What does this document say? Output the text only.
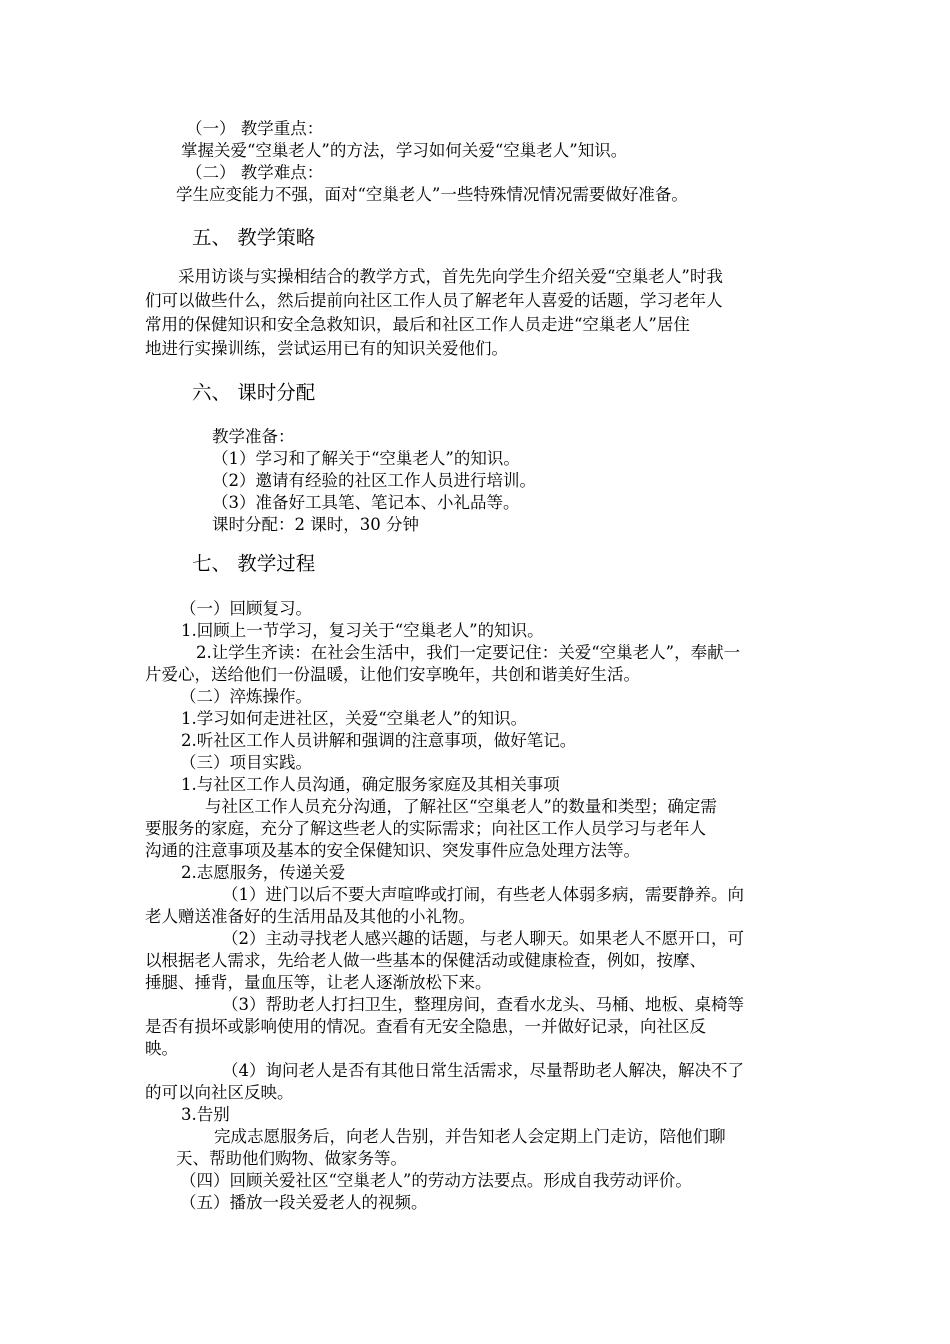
（一） 教学重点：
掌握关爱“空巢老人”的方法，学习如何关爱“空巢老人”知识。
（二） 教学难点：
学生应变能力不强，面对“空巢老人”一些特殊情况情况需要做好准备。
五、 教学策略
采用访谈与实操相结合的教学方式，首先先向学生介绍关爱“空巢老人”时我
们可以做些什么，然后提前向社区工作人员了解老年人喜爱的话题，学习老年人
常用的保健知识和安全急救知识，最后和社区工作人员走进“空巢老人”居住
地进行实操训练，尝试运用已有的知识关爱他们。
六、 课时分配
教学准备：
（1）学习和了解关于“空巢老人”的知识。
（2）邀请有经验的社区工作人员进行培训。
（3）准备好工具笔、笔记本、小礼品等。
课时分配：2 课时，30 分钟
七、 教学过程
（一）回顾复习。
1.回顾上一节学习，复习关于“空巢老人”的知识。
2.让学生齐读：在社会生活中，我们一定要记住：关爱“空巢老人”，奉献一
片爱心，送给他们一份温暖，让他们安享晚年，共创和谐美好生活。
（二）淬炼操作。
1.学习如何走进社区，关爱“空巢老人”的知识。
2.听社区工作人员讲解和强调的注意事项，做好笔记。
（三）项目实践。
1.与社区工作人员沟通，确定服务家庭及其相关事项
与社区工作人员充分沟通，了解社区“空巢老人”的数量和类型；确定需
要服务的家庭，充分了解这些老人的实际需求；向社区工作人员学习与老年人
沟通的注意事项及基本的安全保健知识、突发事件应急处理方法等。
2.志愿服务，传递关爱
（1）进门以后不要大声喧哗或打闹，有些老人体弱多病，需要静养。向
老人赠送准备好的生活用品及其他的小礼物。
（2）主动寻找老人感兴趣的话题，与老人聊天。如果老人不愿开口，可
以根据老人需求，先给老人做一些基本的保健活动或健康检查，例如，按摩、
捶腿、捶背，量血压等，让老人逐渐放松下来。
（3）帮助老人打扫卫生，整理房间，查看水龙头、马桶、地板、桌椅等
是否有损坏或影响使用的情况。查看有无安全隐患，一并做好记录，向社区反
映。
（4）询问老人是否有其他日常生活需求，尽量帮助老人解决，解决不了
的可以向社区反映。
3.告别
完成志愿服务后，向老人告别，并告知老人会定期上门走访，陪他们聊
天、帮助他们购物、做家务等。
（四）回顾关爱社区“空巢老人”的劳动方法要点。形成自我劳动评价。
（五）播放一段关爱老人的视频。
